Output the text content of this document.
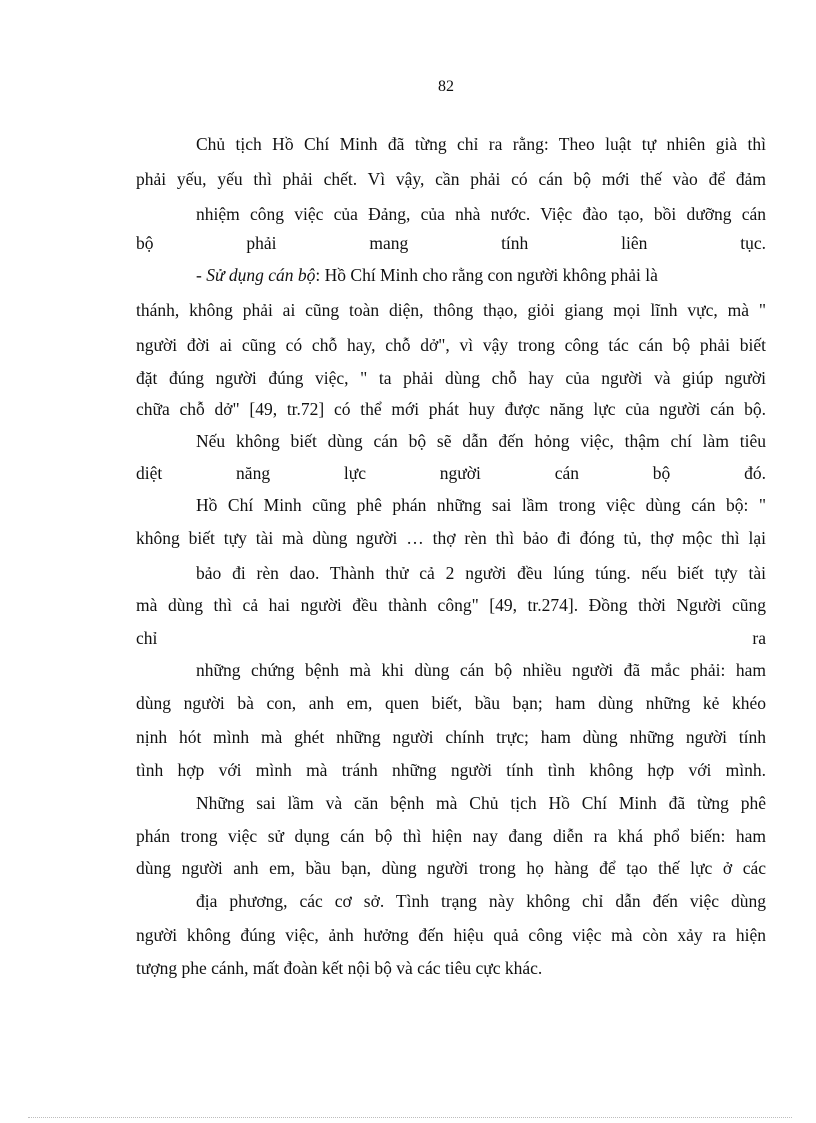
82
Chủ tịch Hồ Chí Minh đã từng chỉ ra rằng: Theo luật tự nhiên già thì
phải yếu, yếu thì phải chết. Vì vậy, cần phải có cán bộ mới thế vào để đảm
nhiệm công việc của Đảng, của nhà nước. Việc đào tạo, bồi dưỡng cán
bộ phải mang tính liên tục.
- Sử dụng cán bộ: Hồ Chí Minh cho rằng con người không phải là
thánh, không phải ai cũng toàn diện, thông thạo, giỏi giang mọi lĩnh vực, mà "
người đời ai cũng có chỗ hay, chỗ dở", vì vậy trong công tác cán bộ phải biết
đặt đúng người đúng việc, " ta phải dùng chỗ hay của người và giúp người
chữa chỗ dở" [49, tr.72] có thể mới phát huy được năng lực của người cán bộ.
Nếu không biết dùng cán bộ sẽ dẫn đến hỏng việc, thậm chí làm tiêu
diệt năng lực người cán bộ đó.
Hồ Chí Minh cũng phê phán những sai lầm trong việc dùng cán bộ: "
không biết tựy tài mà dùng người … thợ rèn thì bảo đi đóng tủ, thợ mộc thì lại
bảo đi rèn dao. Thành thử cả 2 người đều lúng túng. nếu biết tựy tài
mà dùng thì cả hai người đều thành công" [49, tr.274]. Đồng thời Người cũng
chỉ ra
những chứng bệnh mà khi dùng cán bộ nhiều người đã mắc phải: ham
dùng người bà con, anh em, quen biết, bầu bạn; ham dùng những kẻ khéo
nịnh hót mình mà ghét những người chính trực; ham dùng những người tính
tình hợp với mình mà tránh những người tính tình không hợp với mình.
Những sai lầm và căn bệnh mà Chủ tịch Hồ Chí Minh đã từng phê
phán trong việc sử dụng cán bộ thì hiện nay đang diễn ra khá phổ biến: ham
dùng người anh em, bầu bạn, dùng người trong họ hàng để tạo thế lực ở các
địa phương, các cơ sở. Tình trạng này không chỉ dẫn đến việc dùng
người không đúng việc, ảnh hưởng đến hiệu quả công việc mà còn xảy ra hiện
tượng phe cánh, mất đoàn kết nội bộ và các tiêu cực khác.
